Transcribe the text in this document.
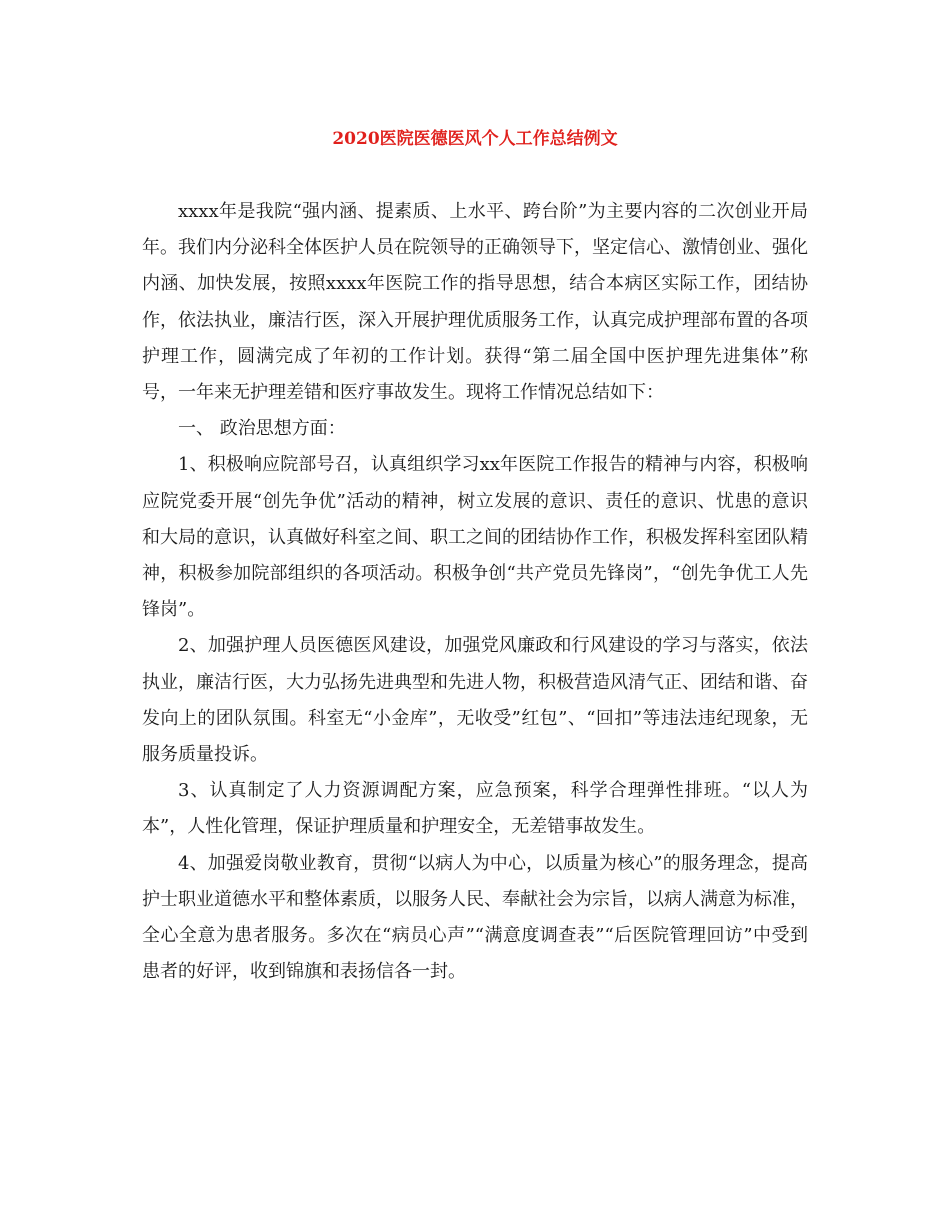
2020医院医德医风个人工作总结例文

xxxx年是我院“强内涵、提素质、上水平、跨台阶”为主要内容的二次创业开局年。我们内分泌科全体医护人员在院领导的正确领导下，坚定信心、激情创业、强化内涵、加快发展，按照xxxx年医院工作的指导思想，结合本病区实际工作，团结协作，依法执业，廉洁行医，深入开展护理优质服务工作，认真完成护理部布置的各项护理工作，圆满完成了年初的工作计划。获得“第二届全国中医护理先进集体”称号，一年来无护理差错和医疗事故发生。现将工作情况总结如下：

一、 政治思想方面：

1、积极响应院部号召，认真组织学习xx年医院工作报告的精神与内容，积极响应院党委开展“创先争优”活动的精神，树立发展的意识、责任的意识、忧患的意识和大局的意识，认真做好科室之间、职工之间的团结协作工作，积极发挥科室团队精神，积极参加院部组织的各项活动。积极争创“共产党员先锋岗”，“创先争优工人先锋岗”。

2、加强护理人员医德医风建设，加强党风廉政和行风建设的学习与落实，依法执业，廉洁行医，大力弘扬先进典型和先进人物，积极营造风清气正、团结和谐、奋发向上的团队氛围。科室无“小金库”，无收受”红包”、“回扣”等违法违纪现象，无服务质量投诉。

3、认真制定了人力资源调配方案，应急预案，科学合理弹性排班。“以人为本”，人性化管理，保证护理质量和护理安全，无差错事故发生。

4、加强爱岗敬业教育，贯彻“以病人为中心，以质量为核心”的服务理念，提高护士职业道德水平和整体素质，以服务人民、奉献社会为宗旨，以病人满意为标准，全心全意为患者服务。多次在“病员心声”“满意度调查表”“后医院管理回访”中受到患者的好评，收到锦旗和表扬信各一封。
